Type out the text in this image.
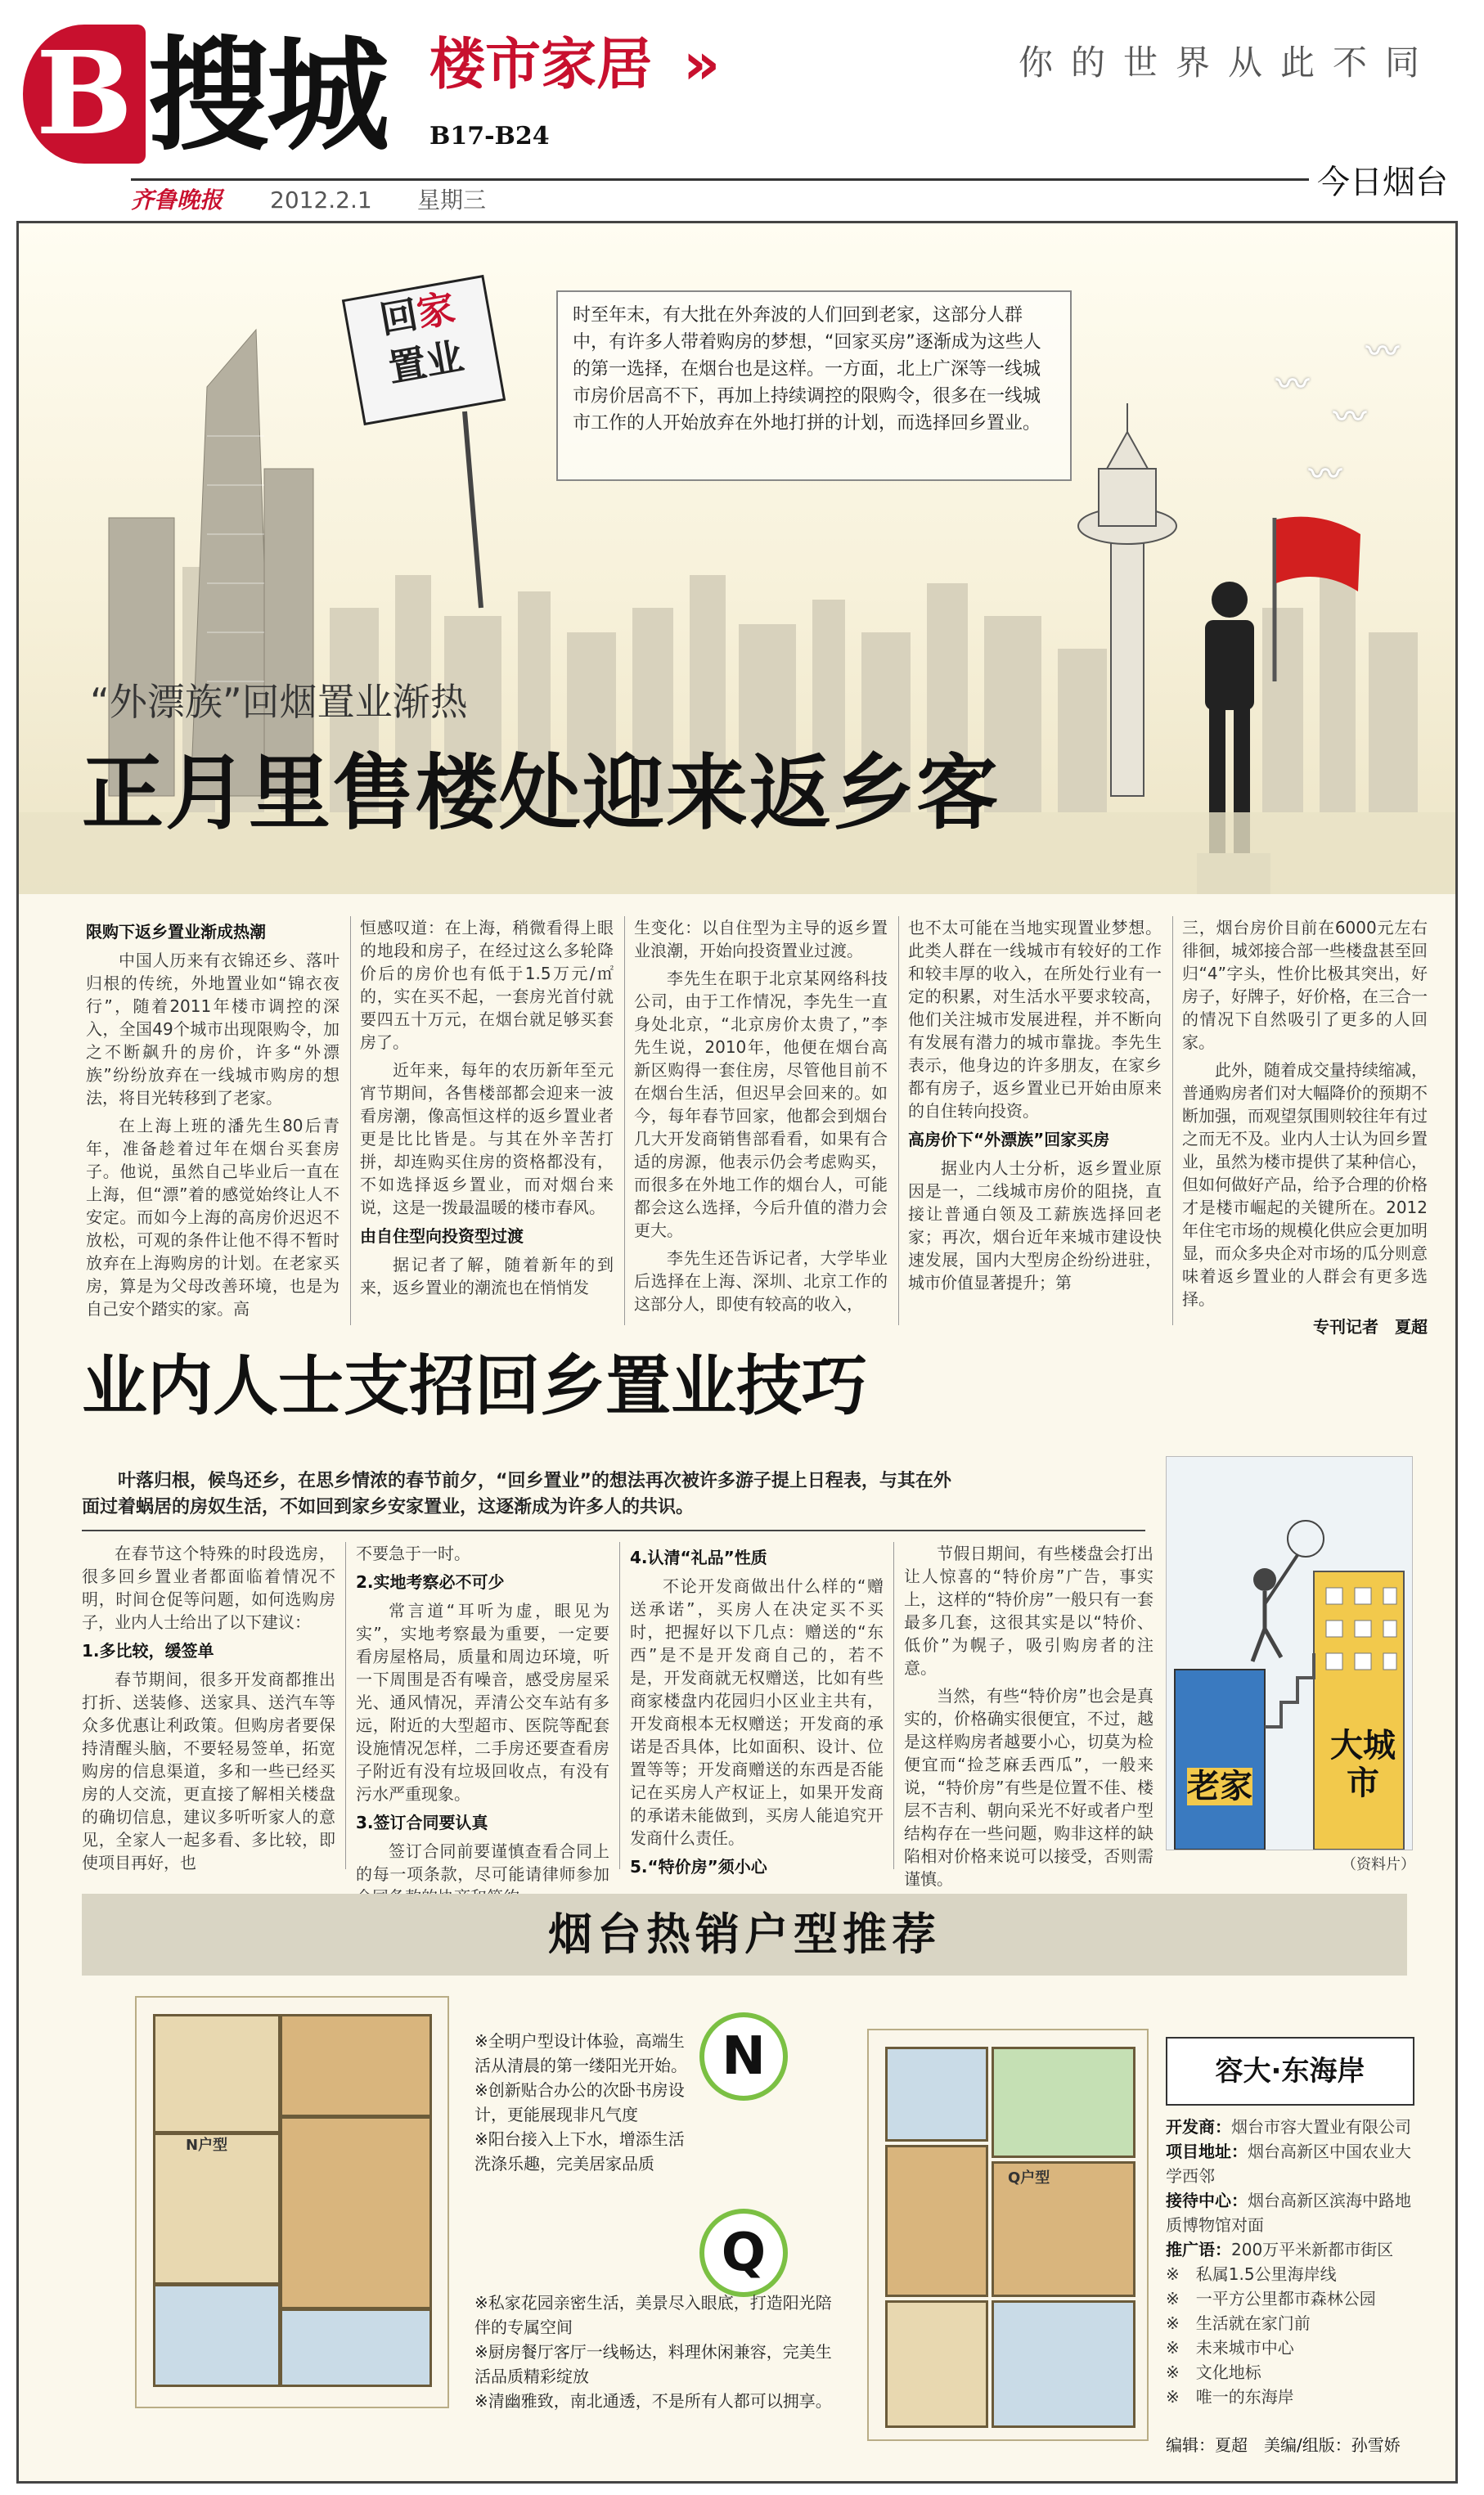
B 搜城 楼市家居 »
B17-B24
你的世界从此不同
齐鲁晚报 2012.2.1 星期三	今日烟台
〰
〰
〰
〰
回家
置业
时至年末，有大批在外奔波的人们回到老家，这部分人群中，有许多人带着购房的梦想，“回家买房”逐渐成为这些人的第一选择，在烟台也是这样。一方面，北上广深等一线城市房价居高不下，再加上持续调控的限购令，很多在一线城市工作的人开始放弃在外地打拼的计划，而选择回乡置业。
“外漂族”回烟置业渐热
正月里售楼处迎来返乡客
限购下返乡置业渐成热潮

中国人历来有衣锦还乡、落叶归根的传统，外地置业如“锦衣夜行”，随着2011年楼市调控的深入，全国49个城市出现限购令，加之不断飙升的房价，许多“外漂族”纷纷放弃在一线城市购房的想法，将目光转移到了老家。

在上海上班的潘先生80后青年，准备趁着过年在烟台买套房子。他说，虽然自己毕业后一直在上海，但“漂”着的感觉始终让人不安定。而如今上海的高房价迟迟不放松，可观的条件让他不得不暂时放弃在上海购房的计划。在老家买房，算是为父母改善环境，也是为自己安个踏实的家。高

恒感叹道：在上海，稍微看得上眼的地段和房子，在经过这么多轮降价后的房价也有低于1.5万元/㎡的，实在买不起，一套房光首付就要四五十万元，在烟台就足够买套房了。

近年来，每年的农历新年至元宵节期间，各售楼部都会迎来一波看房潮，像高恒这样的返乡置业者更是比比皆是。与其在外辛苦打拼，却连购买住房的资格都没有，不如选择返乡置业，而对烟台来说，这是一拨最温暖的楼市春风。

由自住型向投资型过渡

据记者了解，随着新年的到来，返乡置业的潮流也在悄悄发

生变化：以自住型为主导的返乡置业浪潮，开始向投资置业过渡。

李先生在职于北京某网络科技公司，由于工作情况，李先生一直身处北京，“北京房价太贵了，”李先生说，2010年，他便在烟台高新区购得一套住房，尽管他目前不在烟台生活，但迟早会回来的。如今，每年春节回家，他都会到烟台几大开发商销售部看看，如果有合适的房源，他表示仍会考虑购买，而很多在外地工作的烟台人，可能都会这么选择，今后升值的潜力会更大。

李先生还告诉记者，大学毕业后选择在上海、深圳、北京工作的这部分人，即使有较高的收入，

也不太可能在当地实现置业梦想。此类人群在一线城市有较好的工作和较丰厚的收入，在所处行业有一定的积累，对生活水平要求较高，他们关注城市发展进程，并不断向有发展有潜力的城市靠拢。李先生表示，他身边的许多朋友，在家乡都有房子，返乡置业已开始由原来的自住转向投资。

高房价下“外漂族”回家买房

据业内人士分析，返乡置业原因是一，二线城市房价的阻挠，直接让普通白领及工薪族选择回老家；再次，烟台近年来城市建设快速发展，国内大型房企纷纷进驻，城市价值显著提升；第

三，烟台房价目前在6000元左右徘徊，城郊接合部一些楼盘甚至回归“4”字头，性价比极其突出，好房子，好牌子，好价格，在三合一的情况下自然吸引了更多的人回家。

此外，随着成交量持续缩减，普通购房者们对大幅降价的预期不断加强，而观望氛围则较往年有过之而无不及。业内人士认为回乡置业，虽然为楼市提供了某种信心，但如何做好产品，给予合理的价格才是楼市崛起的关键所在。2012年住宅市场的规模化供应会更加明显，而众多央企对市场的瓜分则意味着返乡置业的人群会有更多选择。

专刊记者　夏超
业内人士支招回乡置业技巧
叶落归根，候鸟还乡，在思乡情浓的春节前夕，“回乡置业”的想法再次被许多游子提上日程表，与其在外面过着蜗居的房奴生活，不如回到家乡安家置业，这逐渐成为许多人的共识。

在春节这个特殊的时段选房，很多回乡置业者都面临着情况不明，时间仓促等问题，如何选购房子，业内人士给出了以下建议：

1.多比较，缓签单

春节期间，很多开发商都推出打折、送装修、送家具、送汽车等众多优惠让利政策。但购房者要保持清醒头脑，不要轻易签单，拓宽购房的信息渠道，多和一些已经买房的人交流，更直接了解相关楼盘的确切信息，建议多听听家人的意见，全家人一起多看、多比较，即使项目再好，也

不要急于一时。

2.实地考察必不可少

常言道“耳听为虚，眼见为实”，实地考察最为重要，一定要看房屋格局，质量和周边环境，听一下周围是否有噪音，感受房屋采光、通风情况，弄清公交车站有多远，附近的大型超市、医院等配套设施情况怎样，二手房还要查看房子附近有没有垃圾回收点，有没有污水严重现象。

3.签订合同要认真

签订合同前要谨慎查看合同上的每一项条款，尽可能请律师参加

4.认清“礼品”性质

不论开发商做出什么样的“赠送承诺”，买房人在决定买不买时，把握好以下几点：赠送的“东西”是不是开发商自己的，若不是，开发商就无权赠送，比如有些商家楼盘内花园归小区业主共有，开发商根本无权赠送；开发商的承诺是否具体，比如面积、设计、位置等等；开发商赠送的东西是否能记在买房人产权证上，如果开发商的承诺未能做到，买房人能追究开发商什么责任。

5.“特价房”须小心

节假日期间，有些楼盘会打出让人惊喜的“特价房”广告，事实上，这样的“特价房”一般只有一套最多几套，这很其实是以“特价、低价”为幌子，吸引购房者的注意。

当然，有些“特价房”也会是真实的，价格确实很便宜，不过，越是这样购房者越要小心，切莫为检便宜而“捡芝麻丢西瓜”，一般来说，“特价房”有些是位置不佳、楼层不吉利、朝向采光不好或者户型结构存在一些问题，购非这样的缺陷相对价格来说可以接受，否则需谨慎。

大城市
老家
（资料片）
烟台热销户型推荐
N户型
N
※全明户型设计体验，高端生活从清晨的第一缕阳光开始。
※创新贴合办公的次卧书房设计，更能展现非凡气度
※阳台接入上下水，增添生活洗涤乐趣，完美居家品质
Q
※私家花园亲密生活，美景尽入眼底，打造阳光陪伴的专属空间
※厨房餐厅客厅一线畅达，料理休闲兼容，完美生活品质精彩绽放
※清幽雅致，南北通透，不是所有人都可以拥享。
Q户型
容大·东海岸
开发商：烟台市容大置业有限公司
项目地址：烟台高新区中国农业大学西邻
接待中心：烟台高新区滨海中路地质博物馆对面
推广语：200万平米新都市街区
※　私属1.5公里海岸线
※　一平方公里都市森林公园
※　生活就在家门前
※　未来城市中心
※　文化地标
※　唯一的东海岸
编辑：夏超　美编/组版：孙雪娇
